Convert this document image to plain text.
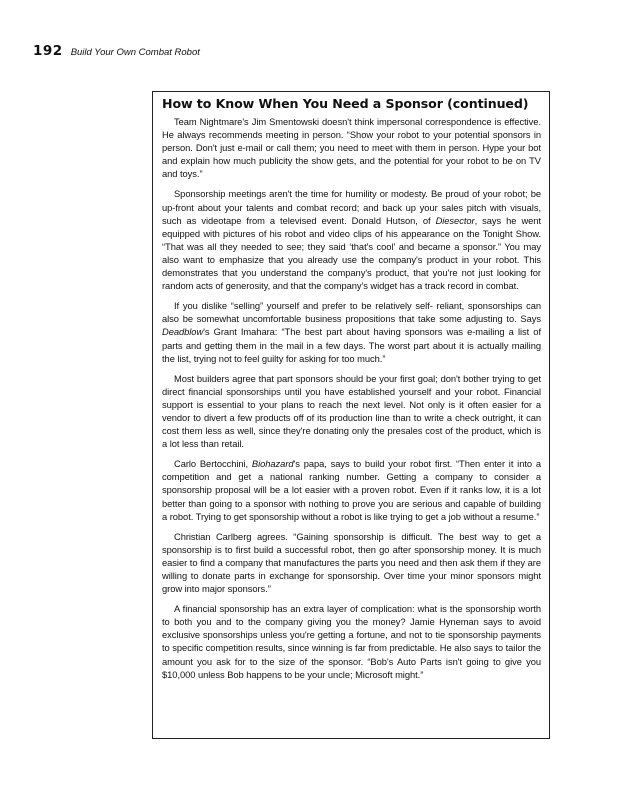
192 Build Your Own Combat Robot
How to Know When You Need a Sponsor (continued)

Team Nightmare's Jim Smentowski doesn't think impersonal correspondence is effective. He always recommends meeting in person. “Show your robot to your potential sponsors in person. Don't just e-mail or call them; you need to meet with them in person. Hype your bot and explain how much publicity the show gets, and the potential for your robot to be on TV and toys.”

Sponsorship meetings aren't the time for humility or modesty. Be proud of your robot; be up-front about your talents and combat record; and back up your sales pitch with visuals, such as videotape from a televised event. Donald Hutson, of Diesector, says he went equipped with pictures of his robot and video clips of his appearance on the Tonight Show. “That was all they needed to see; they said ‘that's cool’ and became a sponsor.” You may also want to emphasize that you already use the company's product in your robot. This demonstrates that you understand the company's product, that you're not just looking for random acts of generosity, and that the company's widget has a track record in combat.

If you dislike “selling” yourself and prefer to be relatively self- reliant, sponsorships can also be somewhat uncomfortable business propositions that take some adjusting to. Says Deadblow's Grant Imahara: “The best part about having sponsors was e-mailing a list of parts and getting them in the mail in a few days. The worst part about it is actually mailing the list, trying not to feel guilty for asking for too much.”

Most builders agree that part sponsors should be your first goal; don't bother trying to get direct financial sponsorships until you have established yourself and your robot. Financial support is essential to your plans to reach the next level. Not only is it often easier for a vendor to divert a few products off of its production line than to write a check outright, it can cost them less as well, since they're donating only the presales cost of the product, which is a lot less than retail.

Carlo Bertocchini, Biohazard's papa, says to build your robot first. “Then enter it into a competition and get a national ranking number. Getting a company to consider a sponsorship proposal will be a lot easier with a proven robot. Even if it ranks low, it is a lot better than going to a sponsor with nothing to prove you are serious and capable of building a robot. Trying to get sponsorship without a robot is like trying to get a job without a resume.”

Christian Carlberg agrees. “Gaining sponsorship is difficult. The best way to get a sponsorship is to first build a successful robot, then go after sponsorship money. It is much easier to find a company that manufactures the parts you need and then ask them if they are willing to donate parts in exchange for sponsorship. Over time your minor sponsors might grow into major sponsors.”

A financial sponsorship has an extra layer of complication: what is the sponsorship worth to both you and to the company giving you the money? Jamie Hyneman says to avoid exclusive sponsorships unless you're getting a fortune, and not to tie sponsorship payments to specific competition results, since winning is far from predictable. He also says to tailor the amount you ask for to the size of the sponsor. “Bob's Auto Parts isn't going to give you $10,000 unless Bob happens to be your uncle; Microsoft might.”
